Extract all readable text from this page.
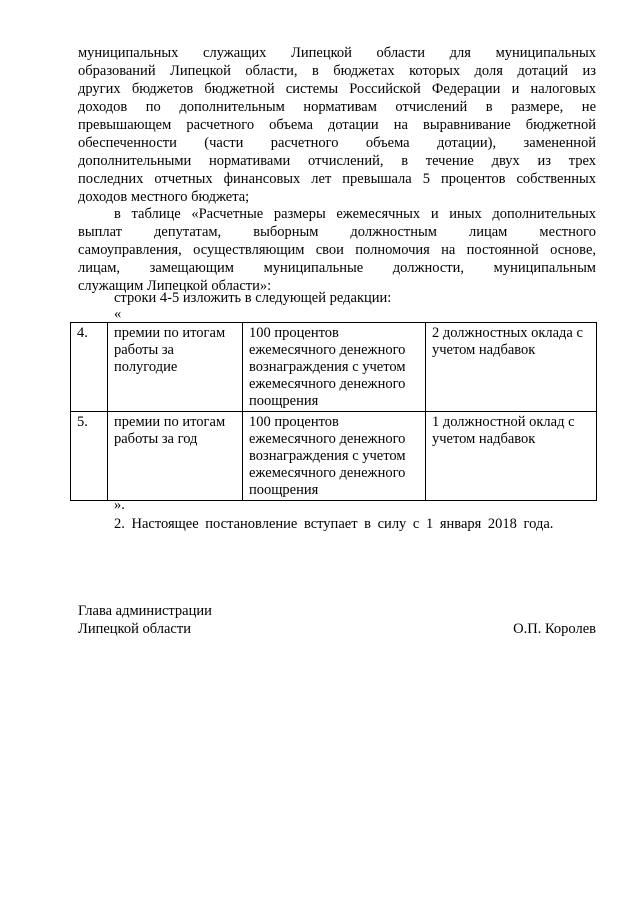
муниципальных служащих Липецкой области для муниципальных
образований Липецкой области, в бюджетах которых доля дотаций из
других бюджетов бюджетной системы Российской Федерации и налоговых
доходов по дополнительным нормативам отчислений в размере, не
превышающем расчетного объема дотации на выравнивание бюджетной
обеспеченности (части расчетного объема дотации), замененной
дополнительными нормативами отчислений, в течение двух из трех
последних отчетных финансовых лет превышала 5 процентов собственных
доходов местного бюджета;

в таблице «Расчетные размеры ежемесячных и иных дополнительных
выплат депутатам, выборным должностным лицам местного
самоуправления, осуществляющим свои полномочия на постоянной основе,
лицам, замещающим муниципальные должности, муниципальным
служащим Липецкой области»:

строки 4-5 изложить в следующей редакции:

«
4.	премии по итогам работы за полугодие	100 процентов ежемесячного денежного вознаграждения с учетом ежемесячного денежного поощрения	2 должностных оклада с учетом надбавок
5.	премии по итогам работы за год	100 процентов ежемесячного денежного вознаграждения с учетом ежемесячного денежного поощрения	1 должностной оклад с учетом надбавок
».
2. Настоящее постановление вступает в силу с 1 января 2018 года.
Глава администрации
Липецкой области	О.П. Королев
